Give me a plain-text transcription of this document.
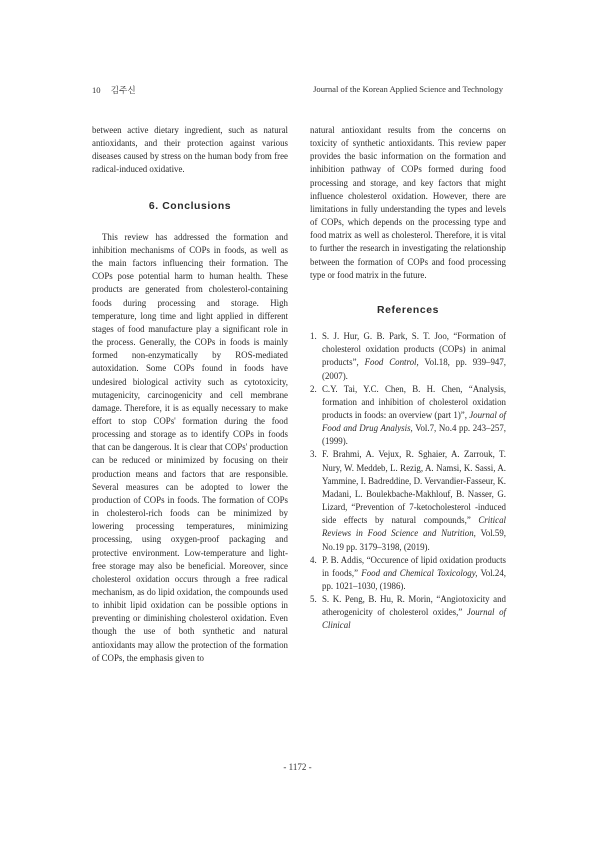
10 김주신	Journal of the Korean Applied Science and Technology

between active dietary ingredient, such as natural antioxidants, and their protection against various diseases caused by stress on the human body from free radical-induced oxidative.

6. Conclusions

This review has addressed the formation and inhibition mechanisms of COPs in foods, as well as the main factors influencing their formation. The COPs pose potential harm to human health. These products are generated from cholesterol-containing foods during processing and storage. High temperature, long time and light applied in different stages of food manufacture play a significant role in the process. Generally, the COPs in foods is mainly formed non-enzymatically by ROS-mediated autoxidation. Some COPs found in foods have undesired biological activity such as cytotoxicity, mutagenicity, carcinogenicity and cell membrane damage. Therefore, it is as equally necessary to make effort to stop COPs' formation during the food processing and storage as to identify COPs in foods that can be dangerous. It is clear that COPs' production can be reduced or minimized by focusing on their production means and factors that are responsible. Several measures can be adopted to lower the production of COPs in foods. The formation of COPs in cholesterol-rich foods can be minimized by lowering processing temperatures, minimizing processing, using oxygen-proof packaging and protective environment. Low-temperature and light-free storage may also be beneficial. Moreover, since cholesterol oxidation occurs through a free radical mechanism, as do lipid oxidation, the compounds used to inhibit lipid oxidation can be possible options in preventing or diminishing cholesterol oxidation. Even though the use of both synthetic and natural antioxidants may allow the protection of the formation of COPs, the emphasis given to

natural antioxidant results from the concerns on toxicity of synthetic antioxidants. This review paper provides the basic information on the formation and inhibition pathway of COPs formed during food processing and storage, and key factors that might influence cholesterol oxidation. However, there are limitations in fully understanding the types and levels of COPs, which depends on the processing type and food matrix as well as cholesterol. Therefore, it is vital to further the research in investigating the relationship between the formation of COPs and food processing type or food matrix in the future.

References
1. S. J. Hur, G. B. Park, S. T. Joo, “Formation of cholesterol oxidation products (COPs) in animal products”, Food Control, Vol.18, pp. 939–947, (2007).
2. C.Y. Tai, Y.C. Chen, B. H. Chen, “Analysis, formation and inhibition of cholesterol oxidation products in foods: an overview (part 1)”, Journal of Food and Drug Analysis, Vol.7, No.4 pp. 243–257, (1999).
3. F. Brahmi, A. Vejux, R. Sghaier, A. Zarrouk, T. Nury, W. Meddeb, L. Rezig, A. Namsi, K. Sassi, A. Yammine, I. Badreddine, D. Vervandier-Fasseur, K. Madani, L. Boulekbache-Makhlouf, B. Nasser, G. Lizard, “Prevention of 7-ketocholesterol -induced side effects by natural compounds,” Critical Reviews in Food Science and Nutrition, Vol.59, No.19 pp. 3179–3198, (2019).
4. P. B. Addis, “Occurence of lipid oxidation products in foods,” Food and Chemical Toxicology, Vol.24, pp. 1021–1030, (1986).
5. S. K. Peng, B. Hu, R. Morin, “Angiotoxicity and atherogenicity of cholesterol oxides,” Journal of Clinical
- 1172 -
